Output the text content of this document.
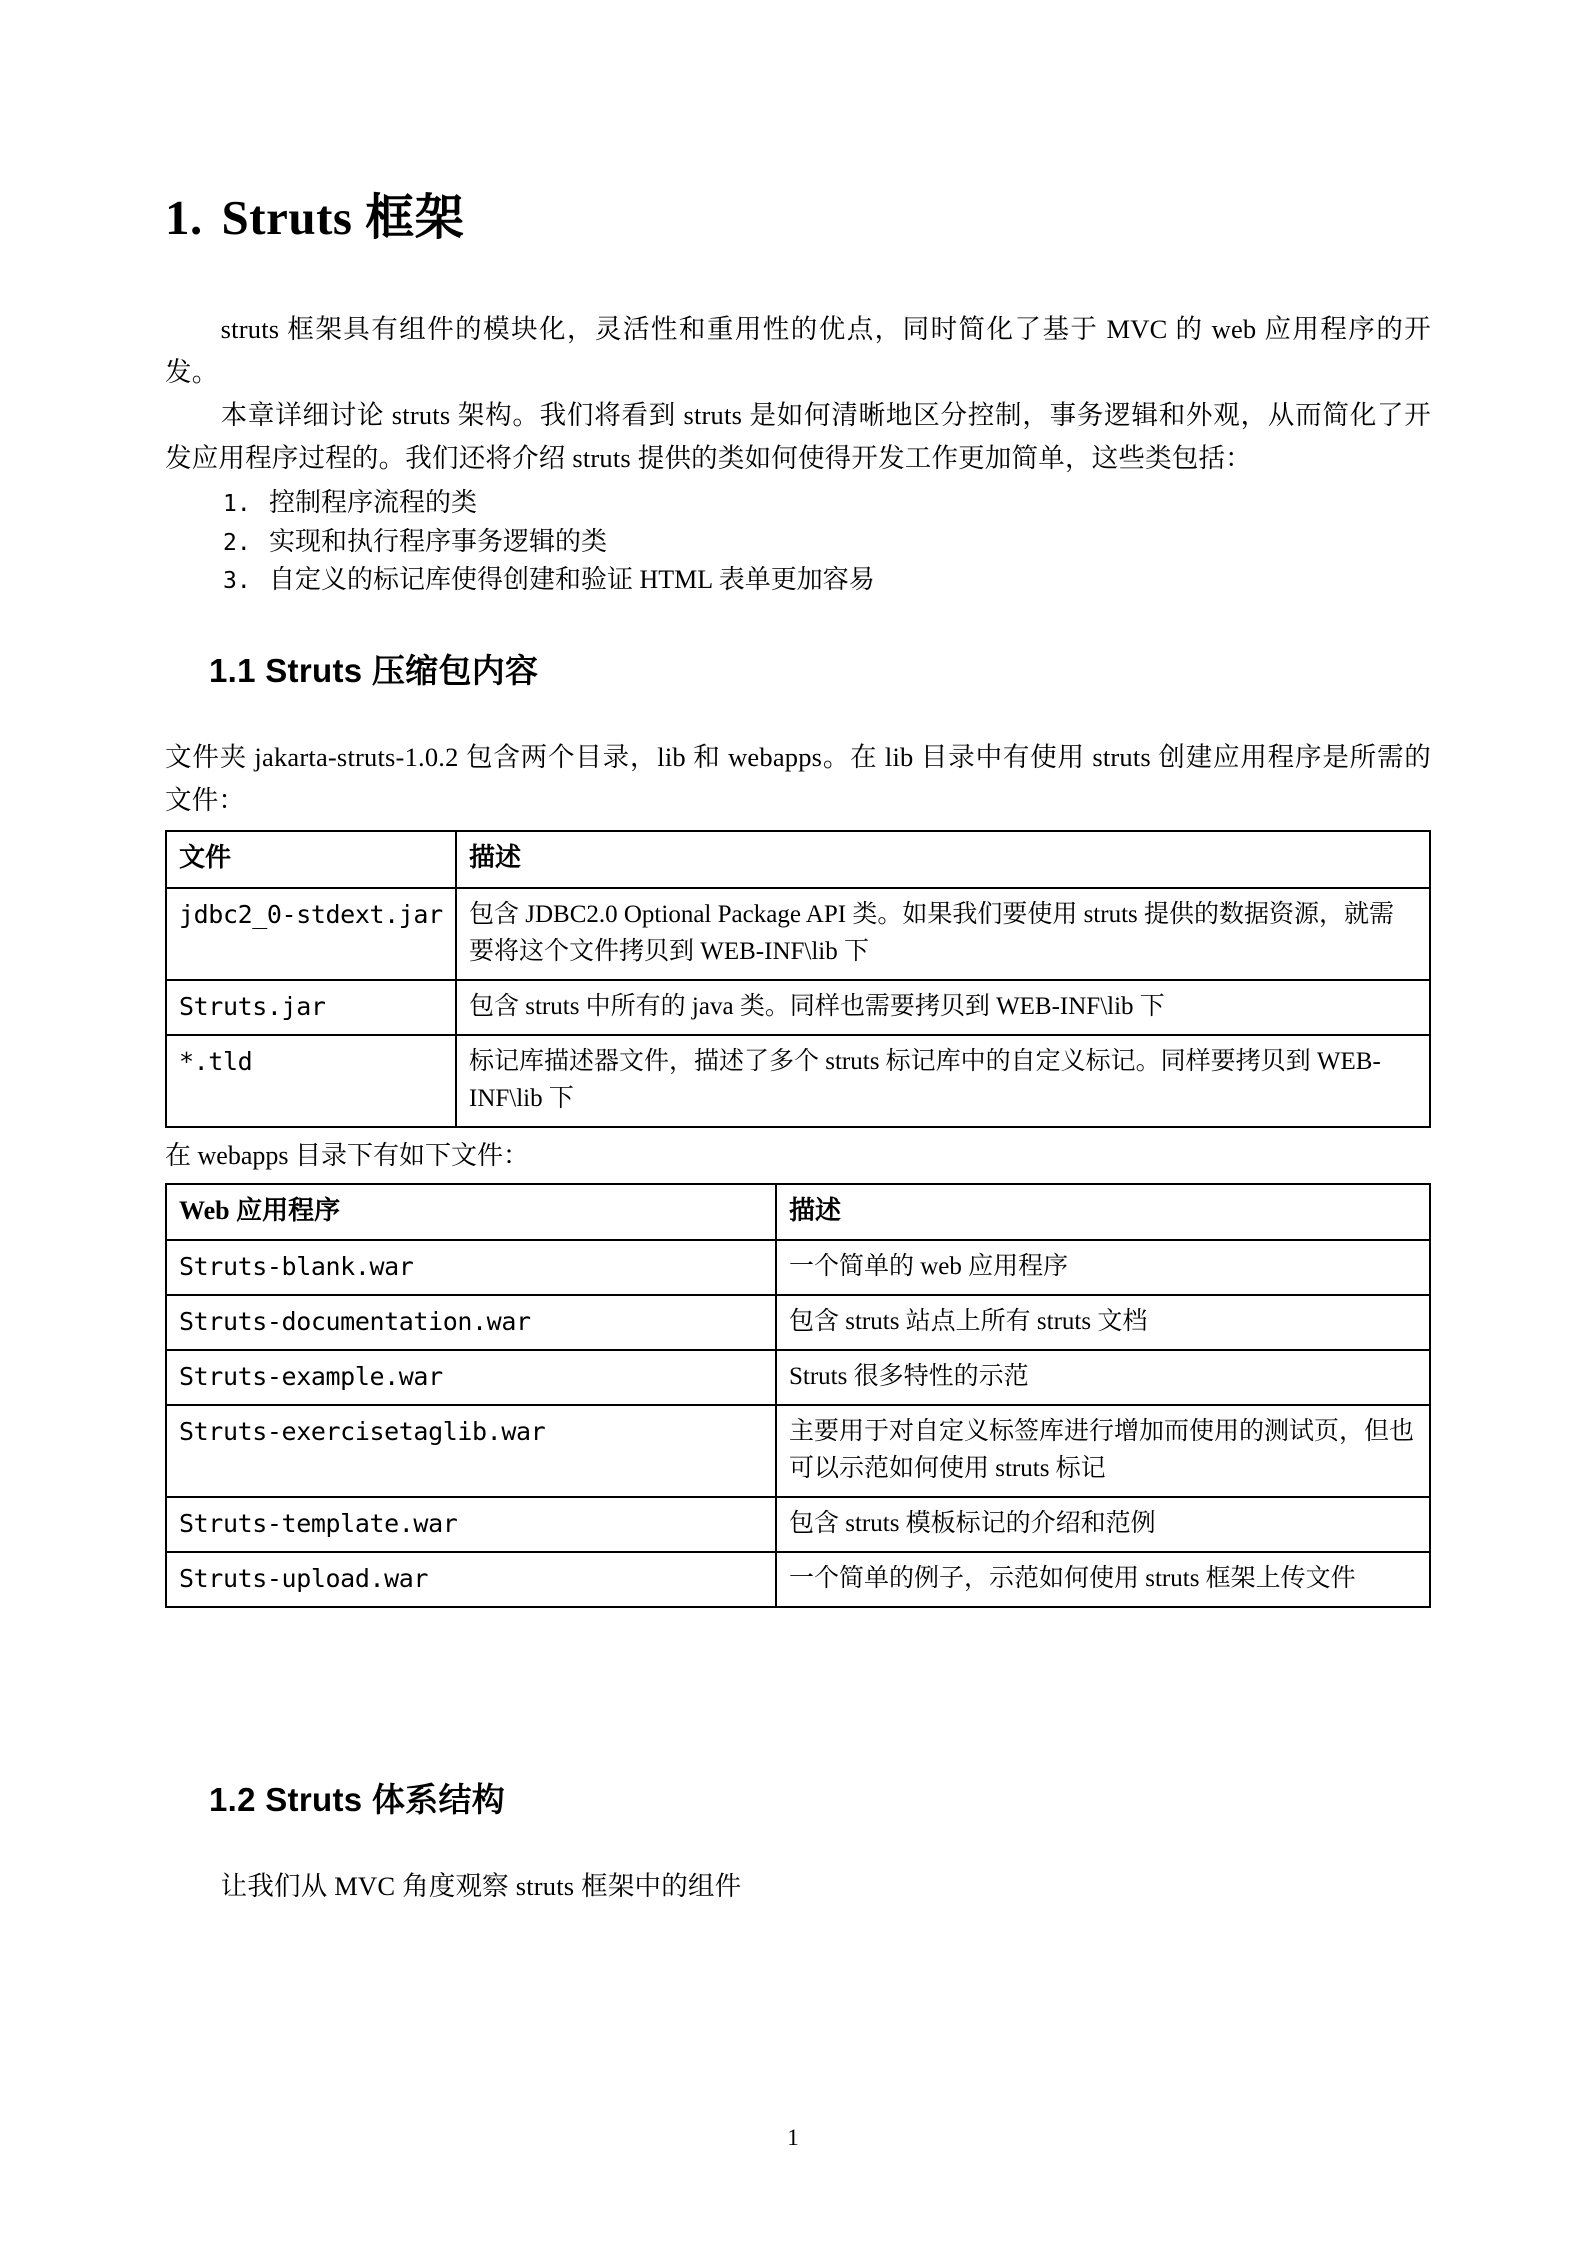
1. Struts 框架

struts 框架具有组件的模块化，灵活性和重用性的优点，同时简化了基于 MVC 的 web 应用程序的开发。

本章详细讨论 struts 架构。我们将看到 struts 是如何清晰地区分控制，事务逻辑和外观，从而简化了开发应用程序过程的。我们还将介绍 struts 提供的类如何使得开发工作更加简单，这些类包括：

1. 控制程序流程的类
2. 实现和执行程序事务逻辑的类
3. 自定义的标记库使得创建和验证 HTML 表单更加容易
1.1 Struts 压缩包内容

文件夹 jakarta-struts-1.0.2 包含两个目录，lib 和 webapps。在 lib 目录中有使用 struts 创建应用程序是所需的文件：

文件	描述
jdbc2_0-stdext.jar	包含 JDBC2.0 Optional Package API 类。如果我们要使用 struts 提供的数据资源，就需要将这个文件拷贝到 WEB-INF\lib 下
Struts.jar	包含 struts 中所有的 java 类。同样也需要拷贝到 WEB-INF\lib 下
*.tld	标记库描述器文件，描述了多个 struts 标记库中的自定义标记。同样要拷贝到 WEB-INF\lib 下

在 webapps 目录下有如下文件：

Web 应用程序	描述
Struts-blank.war	一个简单的 web 应用程序
Struts-documentation.war	包含 struts 站点上所有 struts 文档
Struts-example.war	Struts 很多特性的示范
Struts-exercisetaglib.war	主要用于对自定义标签库进行增加而使用的测试页，但也可以示范如何使用 struts 标记
Struts-template.war	包含 struts 模板标记的介绍和范例
Struts-upload.war	一个简单的例子，示范如何使用 struts 框架上传文件
1.2 Struts 体系结构

让我们从 MVC 角度观察 struts 框架中的组件

1
